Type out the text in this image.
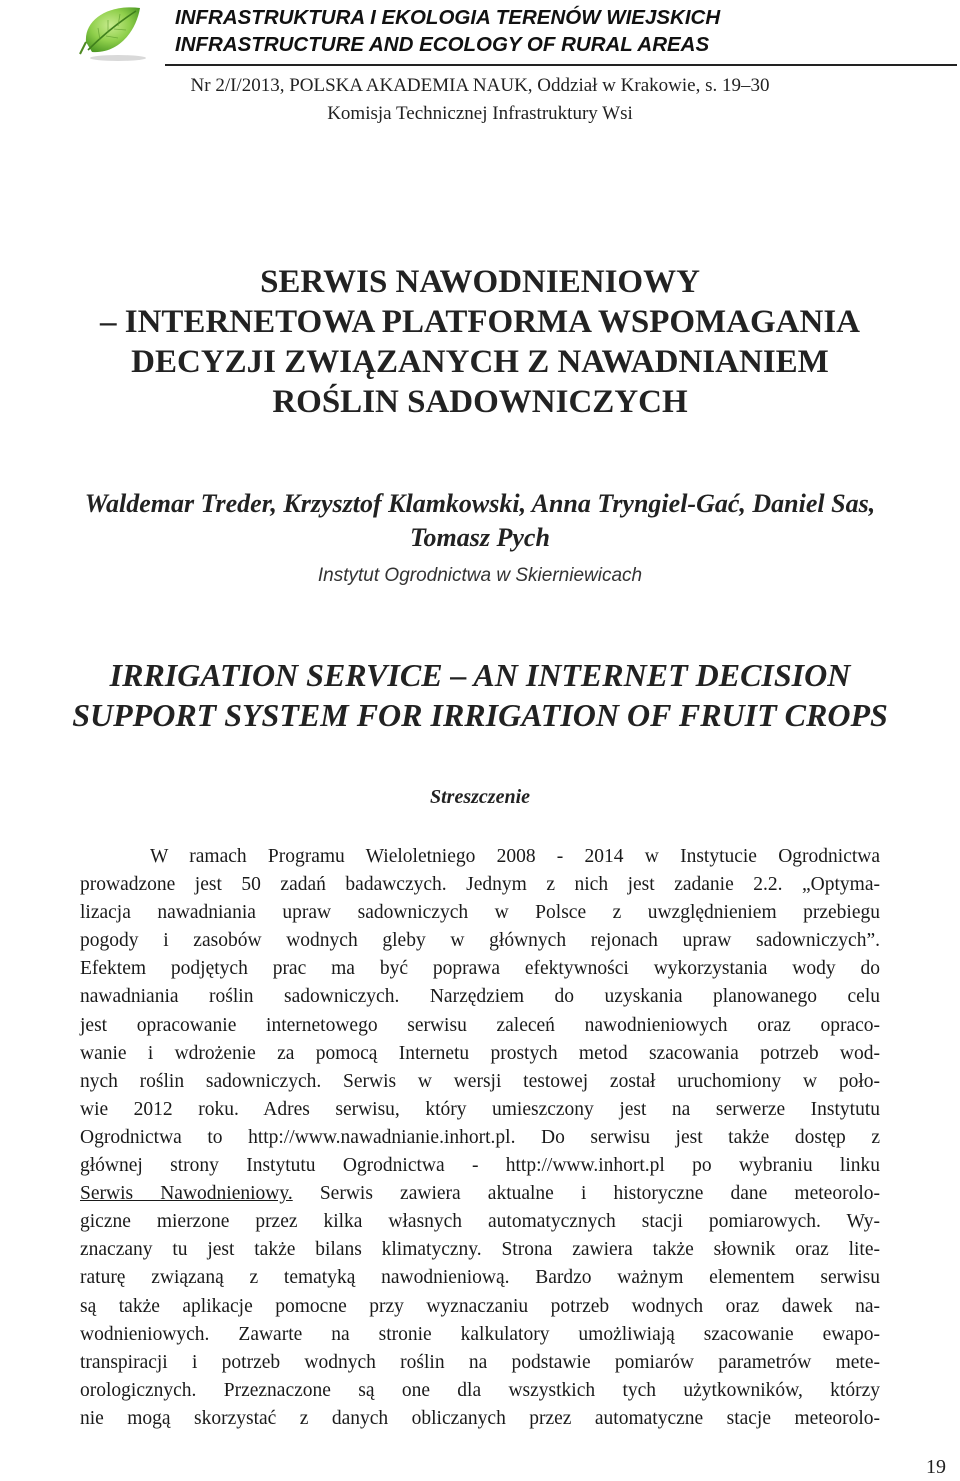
INFRASTRUKTURA I EKOLOGIA TERENÓW WIEJSKICH
INFRASTRUCTURE AND ECOLOGY OF RURAL AREAS
Nr 2/I/2013, POLSKA AKADEMIA NAUK, Oddział w Krakowie, s. 19–30
Komisja Technicznej Infrastruktury Wsi
SERWIS NAWODNIENIOWY
– INTERNETOWA PLATFORMA WSPOMAGANIA
DECYZJI ZWIĄZANYCH Z NAWADNIANIEM
ROŚLIN SADOWNICZYCH
Waldemar Treder, Krzysztof Klamkowski, Anna Tryngiel-Gać, Daniel Sas,
Tomasz Pych
Instytut Ogrodnictwa w Skierniewicach
IRRIGATION SERVICE – AN INTERNET DECISION
SUPPORT SYSTEM FOR IRRIGATION OF FRUIT CROPS
Streszczenie
W ramach Programu Wieloletniego 2008 - 2014 w Instytucie Ogrodnictwa
prowadzone jest 50 zadań badawczych. Jednym z nich jest zadanie 2.2. „Optyma-
lizacja nawadniania upraw sadowniczych w Polsce z uwzględnieniem przebiegu
pogody i zasobów wodnych gleby w głównych rejonach upraw sadowniczych”.
Efektem podjętych prac ma być poprawa efektywności wykorzystania wody do
nawadniania roślin sadowniczych. Narzędziem do uzyskania planowanego celu
jest opracowanie internetowego serwisu zaleceń nawodnieniowych oraz opraco-
wanie i wdrożenie za pomocą Internetu prostych metod szacowania potrzeb wod-
nych roślin sadowniczych. Serwis w wersji testowej został uruchomiony w poło-
wie 2012 roku. Adres serwisu, który umieszczony jest na serwerze Instytutu
Ogrodnictwa to http://www.nawadnianie.inhort.pl. Do serwisu jest także dostęp z
głównej strony Instytutu Ogrodnictwa - http://www.inhort.pl po wybraniu linku
Serwis Nawodnieniowy. Serwis zawiera aktualne i historyczne dane meteorolo-
giczne mierzone przez kilka własnych automatycznych stacji pomiarowych. Wy-
znaczany tu jest także bilans klimatyczny. Strona zawiera także słownik oraz lite-
raturę związaną z tematyką nawodnieniową. Bardzo ważnym elementem serwisu
są także aplikacje pomocne przy wyznaczaniu potrzeb wodnych oraz dawek na-
wodnieniowych. Zawarte na stronie kalkulatory umożliwiają szacowanie ewapo-
transpiracji i potrzeb wodnych roślin na podstawie pomiarów parametrów mete-
orologicznych. Przeznaczone są one dla wszystkich tych użytkowników, którzy
nie mogą skorzystać z danych obliczanych przez automatyczne stacje meteorolo-
19
